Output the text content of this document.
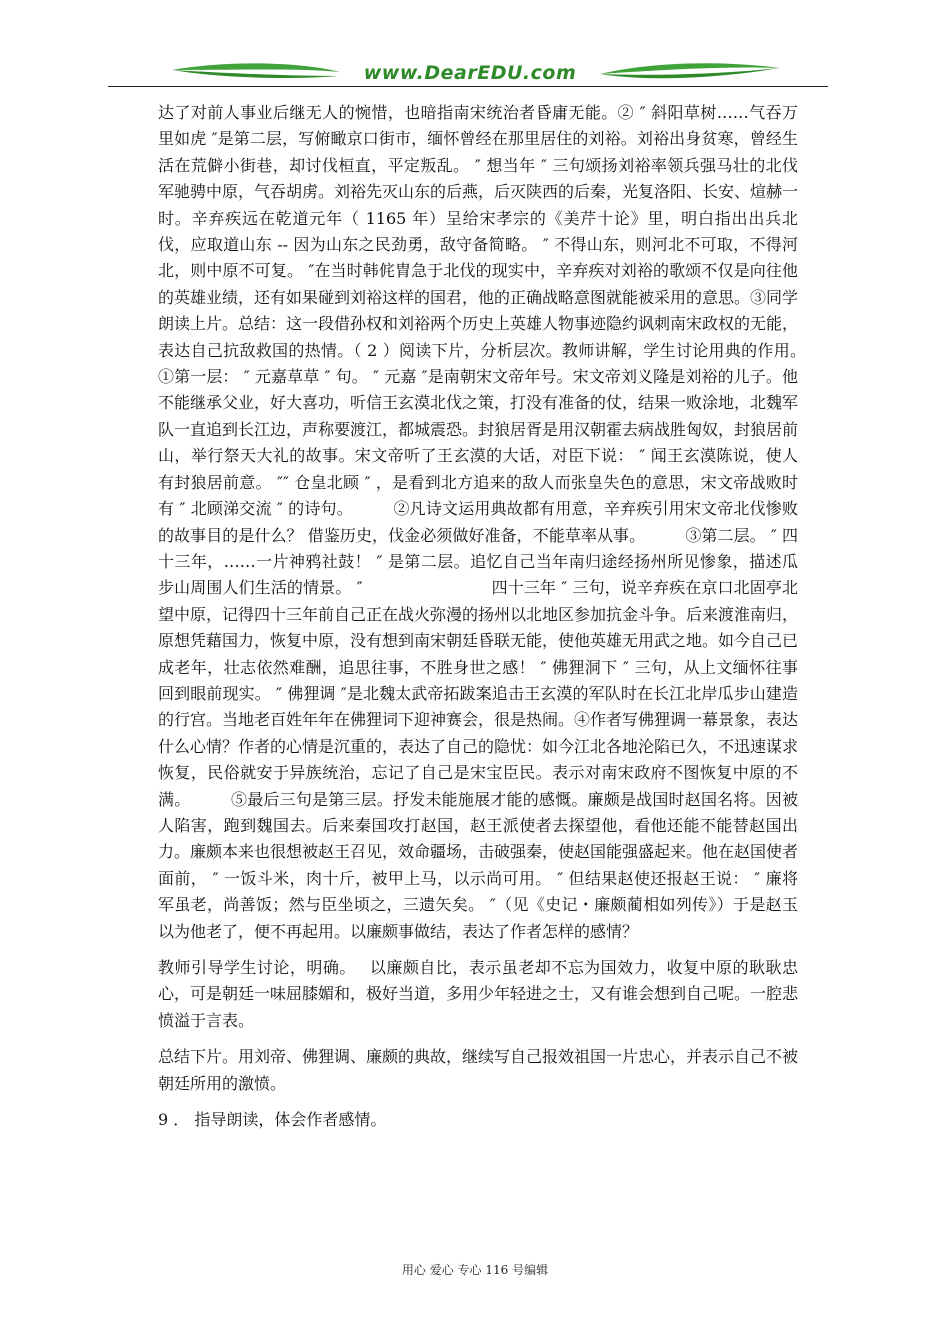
www.DearEDU.com

达了对前人事业后继无人的惋惜，也暗指南宋统治者昏庸无能。② ″ 斜阳草树……气吞万里如虎 ″是第二层，写俯瞰京口街市，缅怀曾经在那里居住的刘裕。刘裕出身贫寒，曾经生活在荒僻小街巷，却讨伐桓直，平定叛乱。 ″ 想当年 ″ 三句颂扬刘裕率领兵强马壮的北伐军驰骋中原，气吞胡虏。刘裕先灭山东的后燕，后灭陕西的后秦，光复洛阳、长安、煊赫一时。辛弃疾远在乾道元年（ 1165 年）呈给宋孝宗的《美芹十论》里，明白指出出兵北伐，应取道山东 -- 因为山东之民劲勇，敌守备简略。 ″ 不得山东，则河北不可取，不得河北，则中原不可复。 ″在当时韩侂胄急于北伐的现实中，辛弃疾对刘裕的歌颂不仅是向往他的英雄业绩，还有如果碰到刘裕这样的国君，他的正确战略意图就能被采用的意思。③同学朗读上片。总结：这一段借孙权和刘裕两个历史上英雄人物事迹隐约讽刺南宋政权的无能，表达自己抗敌救国的热情。（ 2 ）阅读下片，分析层次。教师讲解，学生讨论用典的作用。　　　①第一层： ″ 元嘉草草 ″ 句。 ″ 元嘉 ″是南朝宋文帝年号。宋文帝刘义隆是刘裕的儿子。他不能继承父业，好大喜功，听信王玄漠北伐之策，打没有准备的仗，结果一败涂地，北魏军队一直追到长江边，声称要渡江，都城震恐。封狼居胥是用汉朝霍去病战胜匈奴，封狼居前山，举行祭天大礼的故事。宋文帝听了王玄漠的大话，对臣下说： ″ 闻王玄漠陈说，使人有封狼居前意。 ″″ 仓皇北顾 ″ ，是看到北方追来的敌人而张皇失色的意思，宋文帝战败时有 ″ 北顾涕交流 ″ 的诗句。　　　②凡诗文运用典故都有用意，辛弃疾引用宋文帝北伐惨败的故事目的是什么？ 借鉴历史，伐金必须做好准备，不能草率从事。　　　③第二层。 ″ 四十三年，……一片神鸦社鼓！ ″ 是第二层。追忆自己当年南归途经扬州所见惨象，描述瓜步山周围人们生活的情景。 ″　　　　　　　　四十三年 ″ 三句，说辛弃疾在京口北固亭北望中原，记得四十三年前自己正在战火弥漫的扬州以北地区参加抗金斗争。后来渡淮南归，原想凭藉国力，恢复中原，没有想到南宋朝廷昏联无能，使他英雄无用武之地。如今自己已成老年，壮志依然难酬，追思往事，不胜身世之感！ ″ 佛狸洞下 ″ 三句，从上文缅怀往事回到眼前现实。 ″ 佛狸调 ″是北魏太武帝拓跋案追击王玄漠的军队时在长江北岸瓜步山建造的行宫。当地老百姓年年在佛狸词下迎神赛会，很是热闹。④作者写佛狸调一幕景象，表达什么心情？作者的心情是沉重的，表达了自己的隐忧：如今江北各地沦陷已久，不迅速谋求恢复，民俗就安于异族统治，忘记了自己是宋宝臣民。表示对南宋政府不图恢复中原的不满。　　　⑤最后三句是第三层。抒发未能施展才能的感慨。廉颇是战国时赵国名将。因被人陷害，跑到魏国去。后来秦国攻打赵国，赵王派使者去探望他，看他还能不能替赵国出力。廉颇本来也很想被赵王召见，效命疆场，击破强秦，使赵国能强盛起来。他在赵国使者面前， ″ 一饭斗米，肉十斤，被甲上马，以示尚可用。 ″ 但结果赵使还报赵王说： ″ 廉将军虽老，尚善饭；然与臣坐顷之，三遗矢矣。 ″（见《史记・廉颇蔺相如列传》）于是赵玉以为他老了，便不再起用。以廉颇事做结，表达了作者怎样的感情？

教师引导学生讨论，明确。　 以廉颇自比，表示虽老却不忘为国效力，收复中原的耿耿忠心，可是朝廷一味屈膝媚和，极好当道，多用少年轻进之士，又有谁会想到自己呢。一腔悲愤溢于言表。

总结下片。用刘帝、佛狸调、廉颇的典故，继续写自己报效祖国一片忠心，并表示自己不被朝廷所用的激愤。

9 ． 指导朗读，体会作者感情。

用心 爱心 专心 116 号编辑
